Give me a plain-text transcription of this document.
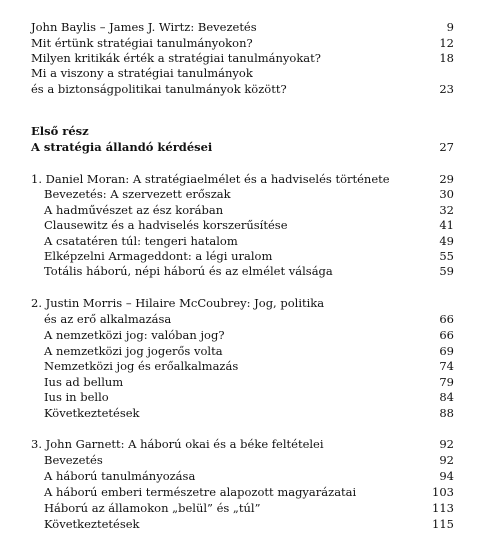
John Baylis – James J. Wirtz: Bevezetés	9
Mit értünk stratégiai tanulmányokon?	12
Milyen kritikák érték a stratégiai tanulmányokat?	18
Mi a viszony a stratégiai tanulmányok
és a biztonságpolitikai tanulmányok között?	23
Első rész
A stratégia állandó kérdései	27
1. Daniel Moran: A stratégiaelmélet és a hadviselés története	29
Bevezetés: A szervezett erőszak	30
A hadművészet az ész korában	32
Clausewitz és a hadviselés korszerűsítése	41
A csatatéren túl: tengeri hatalom	49
Elképzelni Armageddont: a légi uralom	55
Totális háború, népi háború és az elmélet válsága	59
2. Justin Morris – Hilaire McCoubrey: Jog, politika
és az erő alkalmazása	66
A nemzetközi jog: valóban jog?	66
A nemzetközi jog jogerős volta	69
Nemzetközi jog és erőalkalmazás	74
Ius ad bellum	79
Ius in bello	84
Következtetések	88
3. John Garnett: A háború okai és a béke feltételei	92
Bevezetés	92
A háború tanulmányozása	94
A háború emberi természetre alapozott magyarázatai	103
Háború az államokon „belül” és „túl”	113
Következtetések	115
